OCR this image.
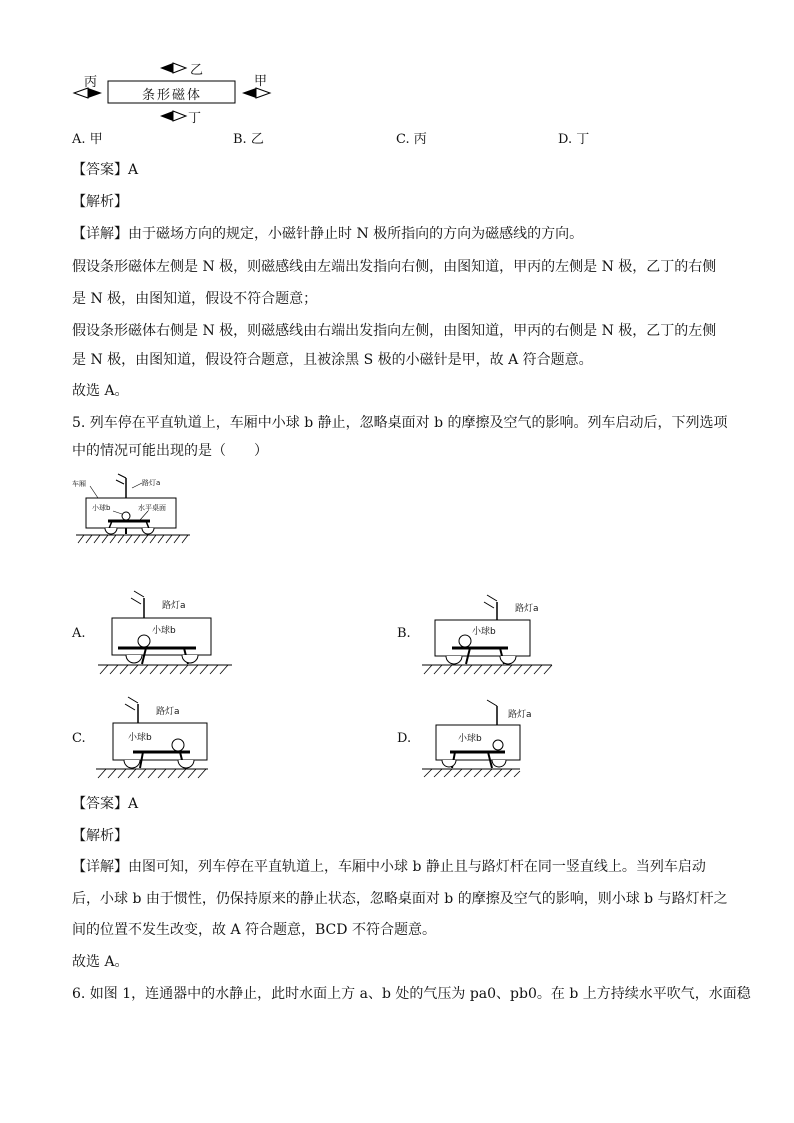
乙
丙	甲
丁
条形磁体
A. 甲	B. 乙	C. 丙	D. 丁
【答案】A
【解析】
【详解】由于磁场方向的规定，小磁针静止时 N 极所指向的方向为磁感线的方向。
假设条形磁体左侧是 N 极，则磁感线由左端出发指向右侧，由图知道，甲丙的左侧是 N 极，乙丁的右侧
是 N 极，由图知道，假设不符合题意；
假设条形磁体右侧是 N 极，则磁感线由右端出发指向左侧，由图知道，甲丙的右侧是 N 极，乙丁的左侧
是 N 极，由图知道，假设符合题意，且被涂黑 S 极的小磁针是甲，故 A 符合题意。
故选 A。
5. 列车停在平直轨道上，车厢中小球 b 静止，忽略桌面对 b 的摩擦及空气的影响。列车启动后，下列选项
中的情况可能出现的是（　　）
车厢	路灯a
小球b	水平桌面
A.	B.
C.	D.
路灯a
小球b
路灯a
小球b
路灯a
小球b
路灯a
小球b
【答案】A
【解析】
【详解】由图可知，列车停在平直轨道上，车厢中小球 b 静止且与路灯杆在同一竖直线上。当列车启动
后，小球 b 由于惯性，仍保持原来的静止状态，忽略桌面对 b 的摩擦及空气的影响，则小球 b 与路灯杆之
间的位置不发生改变，故 A 符合题意，BCD 不符合题意。
故选 A。
6. 如图 1，连通器中的水静止，此时水面上方 a、b 处的气压为 pa0、pb0。在 b 上方持续水平吹气，水面稳
